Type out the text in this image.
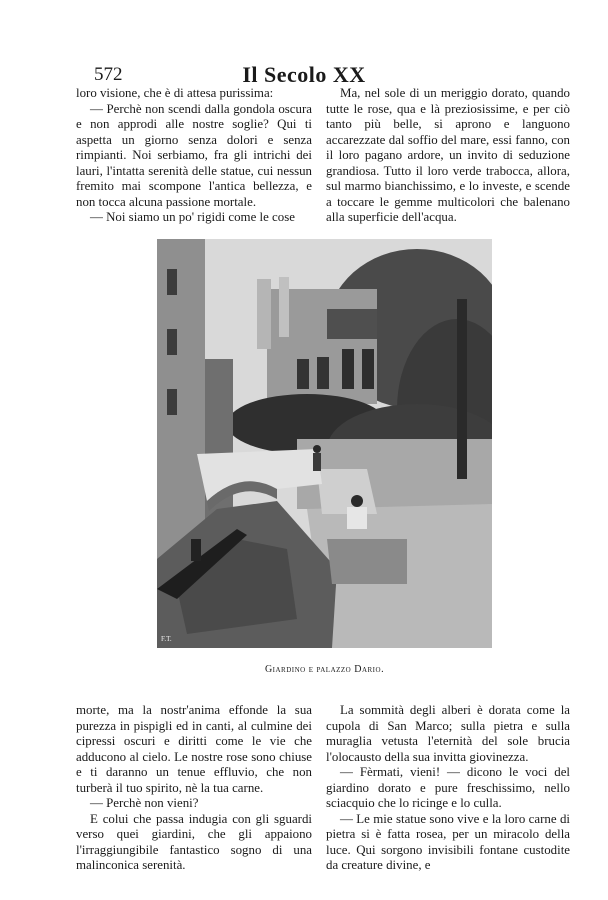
572	Il Secolo XX

loro visione, che è di attesa purissima:

— Perchè non scendi dalla gondola oscura e non approdi alle nostre soglie? Qui ti aspetta un giorno senza dolori e senza rimpianti. Noi serbiamo, fra gli intrichi dei lauri, l'intatta serenità delle statue, cui nessun fremito mai scompone l'antica bellezza, e non tocca alcuna passione mortale.

— Noi siamo un po' rigidi come le cose

Ma, nel sole di un meriggio dorato, quando tutte le rose, qua e là preziosissime, e per ciò tanto più belle, si aprono e languono accarezzate dal soffio del mare, essi fanno, con il loro pagano ardore, un invito di seduzione grandiosa. Tutto il loro verde trabocca, allora, sul marmo bianchissimo, e lo investe, e scende a toccare le gemme multicolori che balenano alla superficie dell'acqua.

F.T.
Giardino e palazzo Dario.

morte, ma la nostr'anima effonde la sua purezza in pispigli ed in canti, al culmine dei cipressi oscuri e diritti come le vie che adducono al cielo. Le nostre rose sono chiuse e ti daranno un tenue effluvio, che non turberà il tuo spirito, nè la tua carne.

— Perchè non vieni?

E colui che passa indugia con gli sguardi verso quei giardini, che gli appaiono l'irraggiungibile fantastico sogno di una malinconica serenità.

La sommità degli alberi è dorata come la cupola di San Marco; sulla pietra e sulla muraglia vetusta l'eternità del sole brucia l'olocausto della sua invitta giovinezza.

— Fèrmati, vieni! — dicono le voci del giardino dorato e pure freschissimo, nello sciacquio che lo ricinge e lo culla.

— Le mie statue sono vive e la loro carne di pietra si è fatta rosea, per un miracolo della luce. Qui sorgono invisibili fontane custodite da creature divine, e
